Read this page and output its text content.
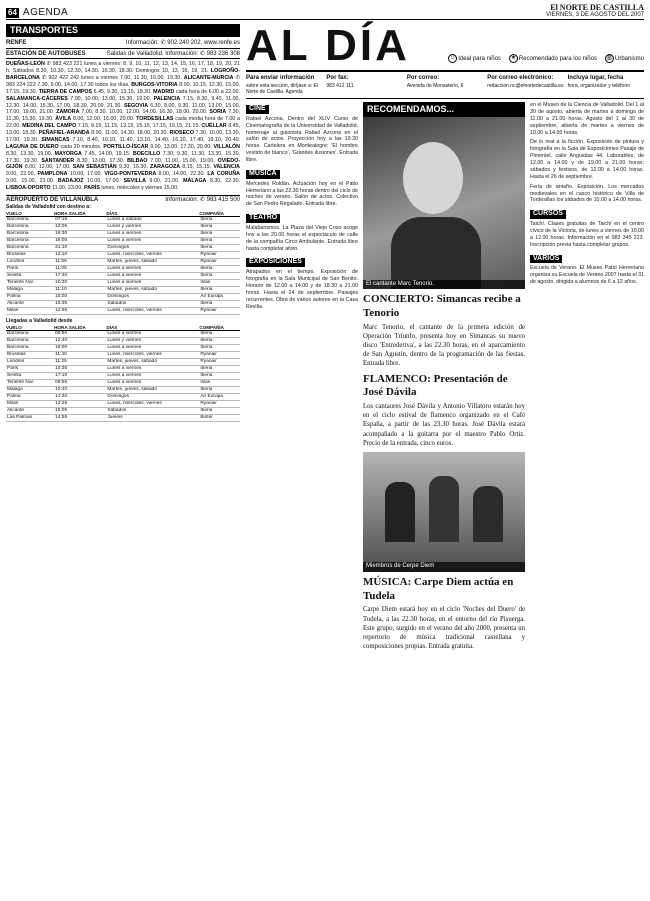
64 AGENDA	El NORTE DE CASTILLA
VIERNES, 3 DE AGOSTO DEL 2007
TRANSPORTES
RENFE	Información: ✆ 902 240 202. www.renfe.es
ESTACIÓN DE AUTOBUSES	Salidas de Valladolid. Información: ✆ 983 236 308
DUEÑAS-LEÓN ✆ 983 423 221 lunes a viernes: 8, 9, 10, 11, 12, 13, 14, 15, 16, 17, 18, 19, 20, 21 h. Sábados 8.30, 10.30, 12.30, 14.30, 16.30, 18.30. Domingos 10, 13, 16, 19, 21. LOGROÑO-BARCELONA ✆ 902 422 242 lunes a viernes 7.00, 11.30, 16.00, 19.30. ALICANTE-MURCIA ✆ 983 224 222 7.30, 9.00, 14.00, 17.30 todos los días. BURGOS-VITORIA 8.00, 10.15, 12.30, 15.00, 17.15, 19.30. TIERRA DE CAMPOS 6.45, 9.30, 13.15, 18.30. MADRID cada hora de 6.00 a 22.00. SALAMANCA-CÁCERES 7.00, 10.00, 13.00, 15.30, 19.00. PALENCIA 7.15, 8.30, 9.45, 11.00, 12.30, 14.00, 15.30, 17.00, 18.30, 20.00, 21.30. SEGOVIA 6.30, 8.00, 9.30, 11.00, 13.00, 15.00, 17.00, 19.00, 21.00. ZAMORA 7.00, 8.30, 10.00, 12.00, 14.00, 16.30, 18.00, 20.00. SORIA 7.30, 11.30, 15.30, 19.30. ÁVILA 8.00, 12.00, 16.00, 20.00. TORDESILLAS cada media hora de 7.00 a 22.00. MEDINA DEL CAMPO 7.15, 9.15, 11.15, 13.15, 15.15, 17.15, 19.15, 21.15. CUÉLLAR 8.45, 13.00, 18.30. PEÑAFIEL-ARANDA 8.00, 11.00, 14.30, 18.00, 20.30. RIOSECO 7.30, 10.00, 13.30, 17.00, 19.30. SIMANCAS 7.10, 8.40, 10.10, 11.40, 13.10, 14.40, 16.10, 17.40, 19.10, 20.40. LAGUNA DE DUERO cada 20 minutos. PORTILLO-ÍSCAR 9.00, 13.00, 17.30, 20.00. VILLALÓN 8.30, 13.30, 19.00. MAYORGA 7.45, 14.00, 19.15. BOECILLO 7.30, 9.30, 11.30, 13.30, 15.30, 17.30, 19.30. SANTANDER 8.30, 13.00, 17.30. BILBAO 7.00, 11.00, 15.00, 19.00. OVIEDO-GIJÓN 8.00, 12.00, 17.00. SAN SEBASTIÁN 9.30, 16.30. ZARAGOZA 8.15, 15.15. VALENCIA 9.00, 22.00. PAMPLONA 10.00, 17.00. VIGO-PONTEVEDRA 8.00, 14.00, 22.30. LA CORUÑA 9.00, 15.00, 23.00. BADAJOZ 10.00, 17.00. SEVILLA 9.00, 21.00. MÁLAGA 8.30, 22.30. LISBOA-OPORTO 11.00, 23.00. PARÍS lunes, miércoles y viernes 15.00.
AEROPUERTO DE VILLANUBLA	Información: ✆ 983 415 500
Salidas de Valladolid con destino a:
VUELO	HORA SALIDA	DÍAS	COMPAÑÍA
Barcelona	07:15	Lunes a sábado	Iberia
Barcelona	13:05	Lunes y viernes	Iberia
Barcelona	16:30	Lunes a viernes	Iberia
Barcelona	19:00	Lunes a viernes	Iberia
Barcelona	21:10	Domingos	Iberia
Bruselas	12:10	Lunes, miércoles, viernes	Ryanair
Londres	11:55	Martes, jueves, sábado	Ryanair
París	11:05	Lunes a viernes	Iberia
Sevilla	17:40	Lunes a viernes	Iberia
Tenerife Nor.	10:30	Lunes a viernes	Islas
Málaga	11:10	Martes, jueves, sábado	Iberia
Palma	15:00	Domingos	Air Europa
Alicante	15:35	Sábados	Iberia
Milán	12:55	Lunes, miércoles, viernes	Ryanair
Llegadas a Valladolid desde
VUELO	HORA SALIDA	DÍAS	COMPAÑÍA
Barcelona	06:50	Lunes a viernes	Iberia
Barcelona	12:40	Lunes y viernes	Iberia
Barcelona	16:00	Lunes a viernes	Iberia
Bruselas	11:40	Lunes, miércoles, viernes	Ryanair
Londres	11:25	Martes, jueves, sábado	Ryanair
París	10:35	Lunes a viernes	Iberia
Sevilla	17:10	Lunes a viernes	Iberia
Tenerife Nor.	09:55	Lunes a viernes	Islas
Málaga	10:40	Martes, jueves, sábado	Iberia
Palma	14:30	Domingos	Air Europa
Milán	12:25	Lunes, miércoles, viernes	Ryanair
Alicante	15:05	Sábados	Iberia
Las Palmas	14:55	Jueves	Binter
AL DÍA	☺ Ideal para niños ★ Recomendado para los niños ▥ Urbanismo
Para enviar información
sobre esta sección, diríjase a: El Norte de Castilla. Agenda
Por fax:
983 412 111
Por correo:
Avenida de Monasterio, 6
Por correo electrónico:
redaccion.nc@elnortedecastilla.es
Incluya lugar, fecha
hora, organizador y teléfono
CINE
Rafael Azcona. Dentro del XLIV Curso de Cinematografía de la Universidad de Valladolid, homenaje al guionista Rafael Azcona en el salón de actos. Proyección hoy a las 19.30 horas. Cartelera en Montealegre: 'El hombre vestido de blanco', 'Grandes ilusiones'. Entrada libre.
MÚSICA
Mercedes Roldán. Actuación hoy en el Patio Herreriano a las 22.30 horas dentro del ciclo de noches de verano. Salón de actos. Colectivo de San Pedro Regalado. Entrada libre.
TEATRO
Malabarismos. La Plaza del Viejo Coso acoge hoy a las 20.00 horas el espectáculo de calle de la compañía Circo Ambulante. Entrada libre hasta completar aforo.
EXPOSICIONES
Atrapados en el tiempo. Exposición de fotografía en la Sala Municipal de San Benito. Horario de 12.00 a 14.00 y de 18.30 a 21.00 horas. Hasta el 24 de septiembre. Paisajes recurrentes. Obra de varios autores en la Casa Revilla.
RECOMENDAMOS...
El cantante Marc Tenorio.
CONCIERTO: Simancas recibe a Tenorio
Marc Tenorio, el cantante de la primera edición de Operación Triunfo, presenta hoy en Simancas su nuevo disco 'Entrederiva', a las 22.30 horas, en el aparcamiento de San Agustín, dentro de la programación de las fiestas. Entrada libre.
FLAMENCO: Presentación de José Dávila
Los cantaores José Dávila y Antonio Villatoro estarán hoy en el ciclo estival de flamenco organizado en el Café España, a partir de las 23.30 horas. José Dávila estará acompañado a la guitarra por el maestro Pablo Ortiz. Precio de la entrada, cinco euros.
Miembros de Cerpe Diem
MÚSICA: Carpe Diem actúa en Tudela
Carpe Diem estará hoy en el ciclo 'Noches del Duero' de Tudela, a las 22.30 horas, en el entorno del río Pisuerga. Este grupo, surgido en el verano del año 2000, presenta un repertorio de música tradicional castellana y composiciones propias. Entrada gratuita.
en el Museo de la Ciencia de Valladolid. Del 1 al 30 de agosto, abierta de martes a domingo de 11.00 a 21.00 horas. Agosto del 1 al 30 de septiembre, abierta de martes a viernes de 10.00 a 14.00 horas.
De lo real a la ficción. Exposición de pintura y fotografía en la Sala de Exposiciones Pasaje de Pimentel, calle Angustias 44. Laborables, de 12.00 a 14.00 y de 19.00 a 21.00 horas; sábados y festivos, de 12.00 a 14.00 horas. Hasta el 26 de septiembre.
Feria de antaño. Exposición. Los mercados medievales en el casco histórico de Villa de Tordesillas los sábados de 10.00 a 14.00 horas.
CURSOS
Taichí. Clases gratuitas de Taichí en el centro cívico de la Victoria, de lunes a viernes de 10.00 a 12.00 horas. Información en el 983 345 223. Inscripción previa hasta completar grupos.
VARIOS
Escuela de Verano. El Museo Patio Herreriano organiza su Escuela de Verano 2007 hasta el 31 de agosto, dirigida a alumnos de 6 a 12 años.
